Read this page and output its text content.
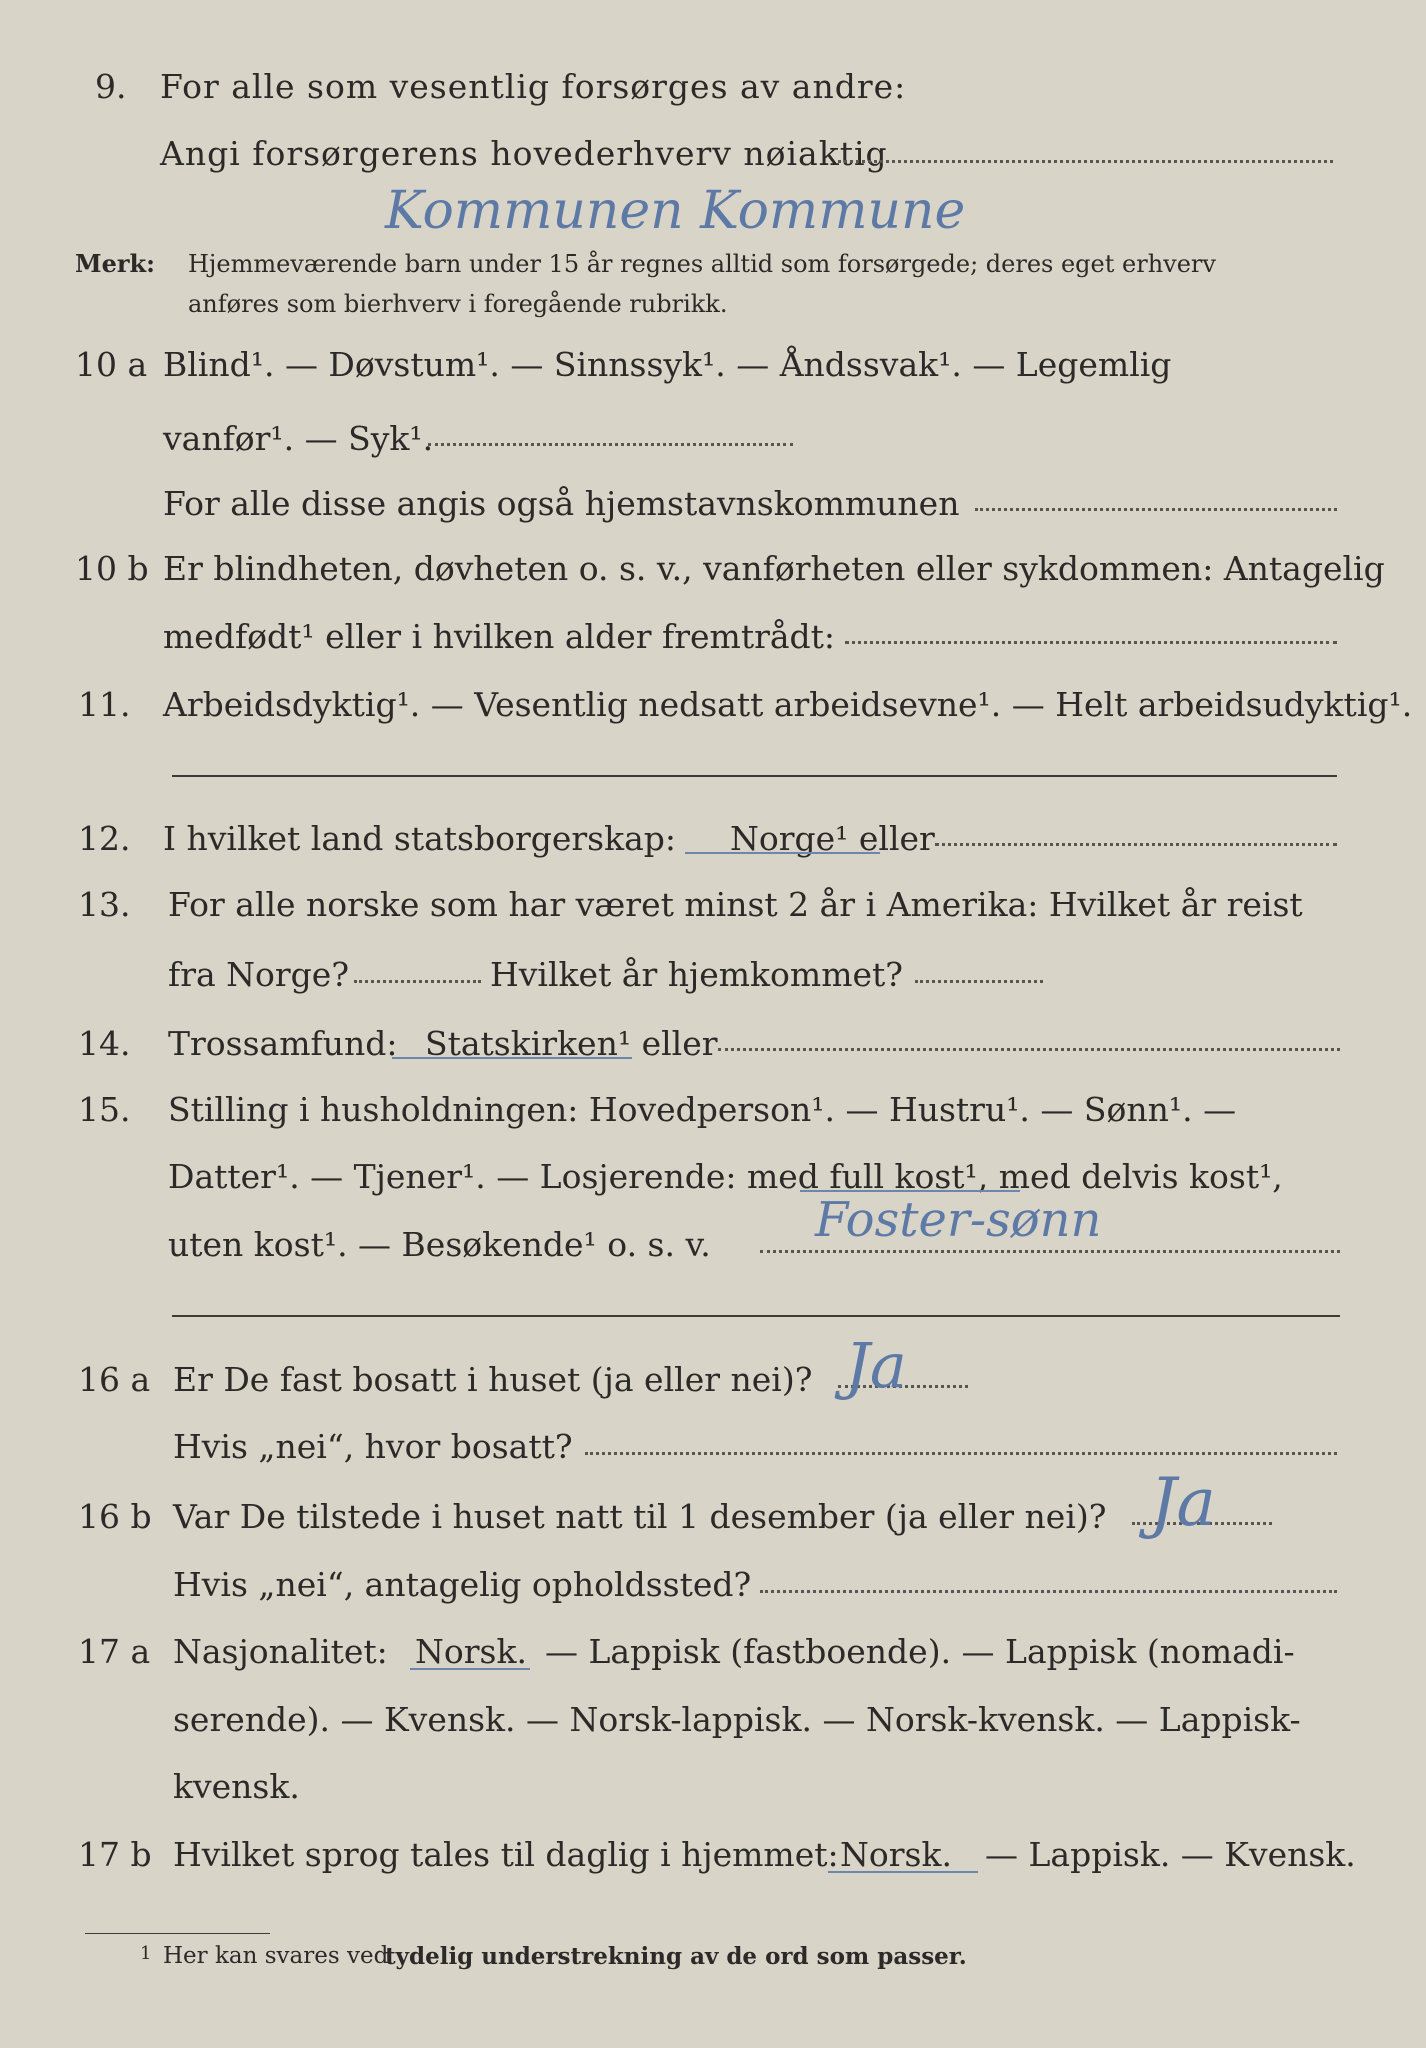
9. For alle som vesentlig forsørges av andre:
Angi forsørgerens hovederhverv nøiaktig
Kommunen Kommune
Merk: Hjemmeværende barn under 15 år regnes alltid som forsørgede; deres eget erhverv
anføres som bierhverv i foregående rubrikk.
10 a Blind¹. — Døvstum¹. — Sinnssyk¹. — Åndssvak¹. — Legemlig
vanfør¹. — Syk¹.
For alle disse angis også hjemstavnskommunen
10 b Er blindheten, døvheten o. s. v., vanførheten eller sykdommen: Antagelig
medfødt¹ eller i hvilken alder fremtrådt:
11. Arbeidsdyktig¹. — Vesentlig nedsatt arbeidsevne¹. — Helt arbeidsudyktig¹.
12. I hvilket land statsborgerskap: Norge¹ eller
13. For alle norske som har været minst 2 år i Amerika: Hvilket år reist
fra Norge?	Hvilket år hjemkommet?
14. Trossamfund: Statskirken¹ eller
15. Stilling i husholdningen: Hovedperson¹. — Hustru¹. — Sønn¹. —
Datter¹. — Tjener¹. — Losjerende: med full kost¹, med delvis kost¹,
uten kost¹. — Besøkende¹ o. s. v. Foster-sønn
16 a Er De fast bosatt i huset (ja eller nei)? Ja
Hvis „nei“, hvor bosatt?
16 b Var De tilstede i huset natt til 1 desember (ja eller nei)? Ja
Hvis „nei“, antagelig opholdssted?
17 a Nasjonalitet: Norsk. — Lappisk (fastboende). — Lappisk (nomadi-
serende). — Kvensk. — Norsk-lappisk. — Norsk-kvensk. — Lappisk-
kvensk.
17 b Hvilket sprog tales til daglig i hjemmet: Norsk. — Lappisk. — Kvensk.
1 Her kan svares ved
tydelig understrekning av de ord som passer.
